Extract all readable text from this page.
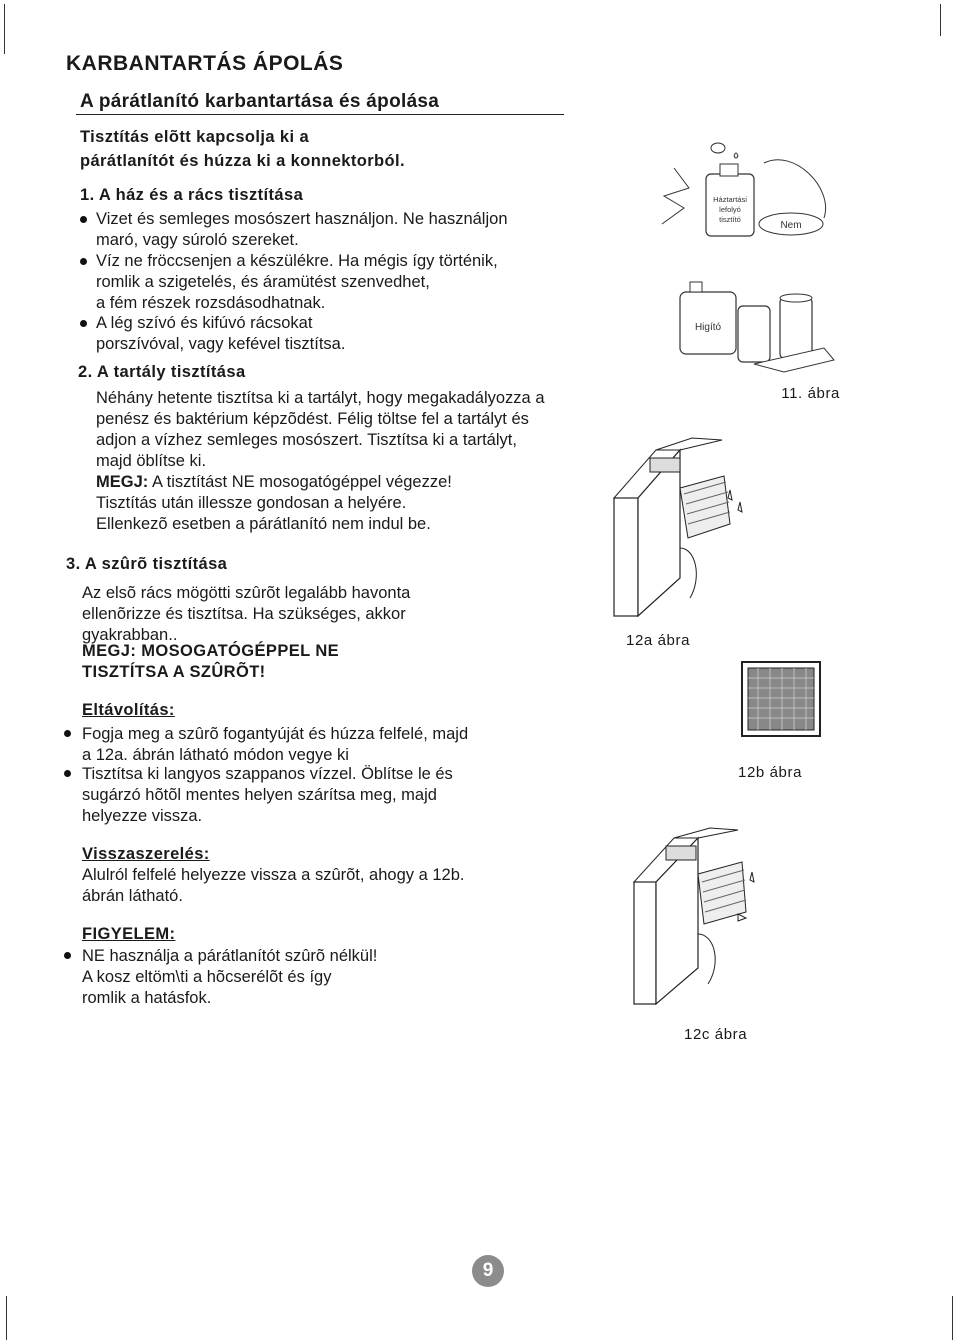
KARBANTARTÁS ÁPOLÁS
A párátlanító karbantartása és ápolása
Tisztítás elõtt kapcsolja ki a
párátlanítót és húzza ki a konnektorból.
1. A ház és a rács tisztítása
Vizet és semleges mosószert használjon. Ne használjon
maró, vagy súroló szereket.
Víz ne fröccsenjen a készülékre. Ha mégis így történik,
romlik a szigetelés, és áramütést szenvedhet,
a fém részek rozsdásodhatnak.
A lég szívó és kifúvó rácsokat
porszívóval, vagy kefével tisztítsa.
2. A tartály tisztítása
Néhány hetente tisztítsa ki a tartályt, hogy megakadályozza a
penész és baktérium képzõdést. Félig töltse fel a tartályt és
adjon a vízhez semleges mosószert. Tisztítsa ki a tartályt,
majd öblítse ki.
MEGJ: A tisztítást NE mosogatógéppel végezze!
Tisztítás után illessze gondosan a helyére.
Ellenkezõ esetben a párátlanító nem indul be.
3. A szûrõ tisztítása
Az elsõ rács mögötti szûrõt legalább havonta
ellenõrizze és tisztítsa. Ha szükséges, akkor
gyakrabban..
MEGJ: MOSOGATÓGÉPPEL NE
TISZTÍTSA A SZÛRÕT!
Eltávolítás:
Fogja meg a szûrõ fogantyúját és húzza felfelé, majd
a 12a. ábrán látható módon vegye ki
Tisztítsa ki langyos szappanos vízzel. Öblítse le és
sugárzó hõtõl mentes helyen szárítsa meg, majd
helyezze vissza.
Visszaszerelés:
Alulról felfelé helyezze vissza a szûrõt, ahogy a 12b.
ábrán látható.
FIGYELEM:
NE használja a párátlanítót szûrõ nélkül!
A kosz eltöm\ti a hõcserélõt és így
romlik a hatásfok.
Háztartási
lefolyó
tisztító
Nem
Higító
11. ábra
12a ábra
12b ábra
12c ábra
9
